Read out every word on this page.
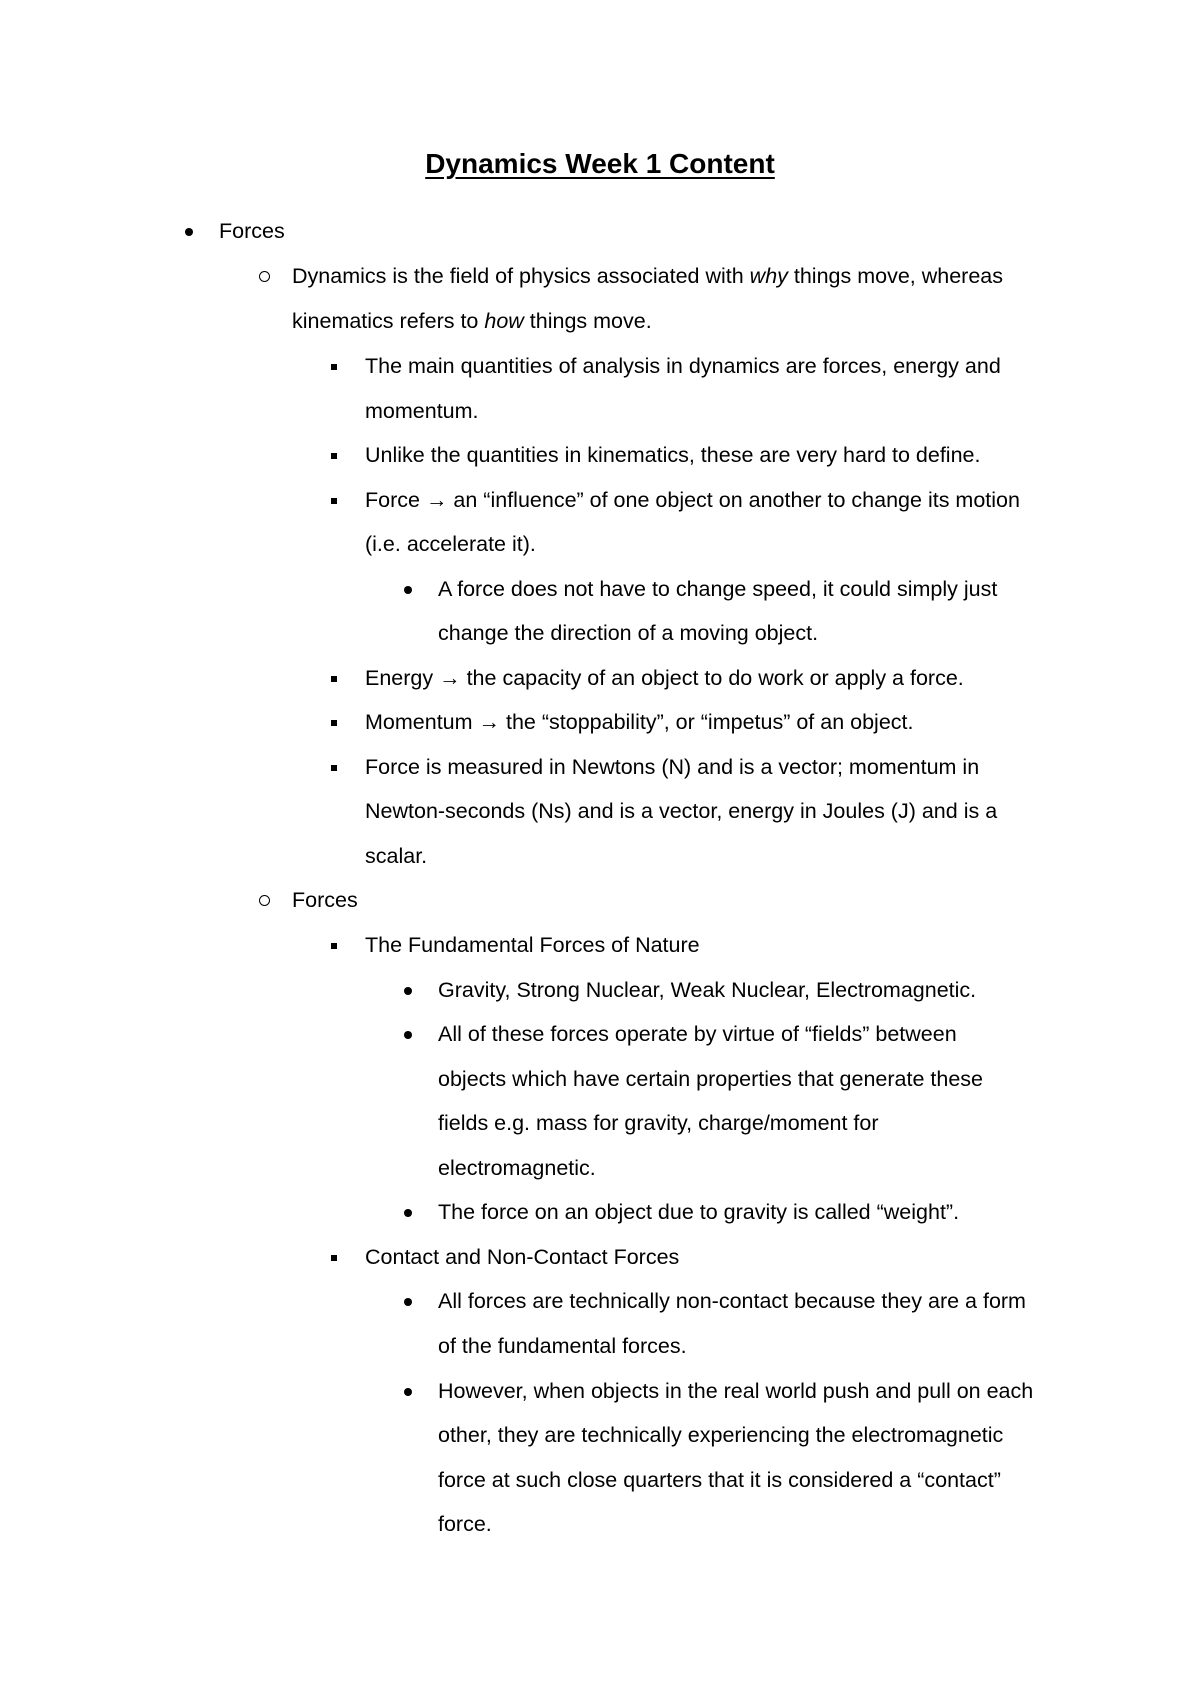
Dynamics Week 1 Content
Forces
Dynamics is the field of physics associated with why things move, whereas
kinematics refers to how things move.
The main quantities of analysis in dynamics are forces, energy and
momentum.
Unlike the quantities in kinematics, these are very hard to define.
Force → an “influence” of one object on another to change its motion
(i.e. accelerate it).
A force does not have to change speed, it could simply just
change the direction of a moving object.
Energy → the capacity of an object to do work or apply a force.
Momentum → the “stoppability”, or “impetus” of an object.
Force is measured in Newtons (N) and is a vector; momentum in
Newton-seconds (Ns) and is a vector, energy in Joules (J) and is a
scalar.
Forces
The Fundamental Forces of Nature
Gravity, Strong Nuclear, Weak Nuclear, Electromagnetic.
All of these forces operate by virtue of “fields” between
objects which have certain properties that generate these
fields e.g. mass for gravity, charge/moment for
electromagnetic.
The force on an object due to gravity is called “weight”.
Contact and Non-Contact Forces
All forces are technically non-contact because they are a form
of the fundamental forces.
However, when objects in the real world push and pull on each
other, they are technically experiencing the electromagnetic
force at such close quarters that it is considered a “contact”
force.
